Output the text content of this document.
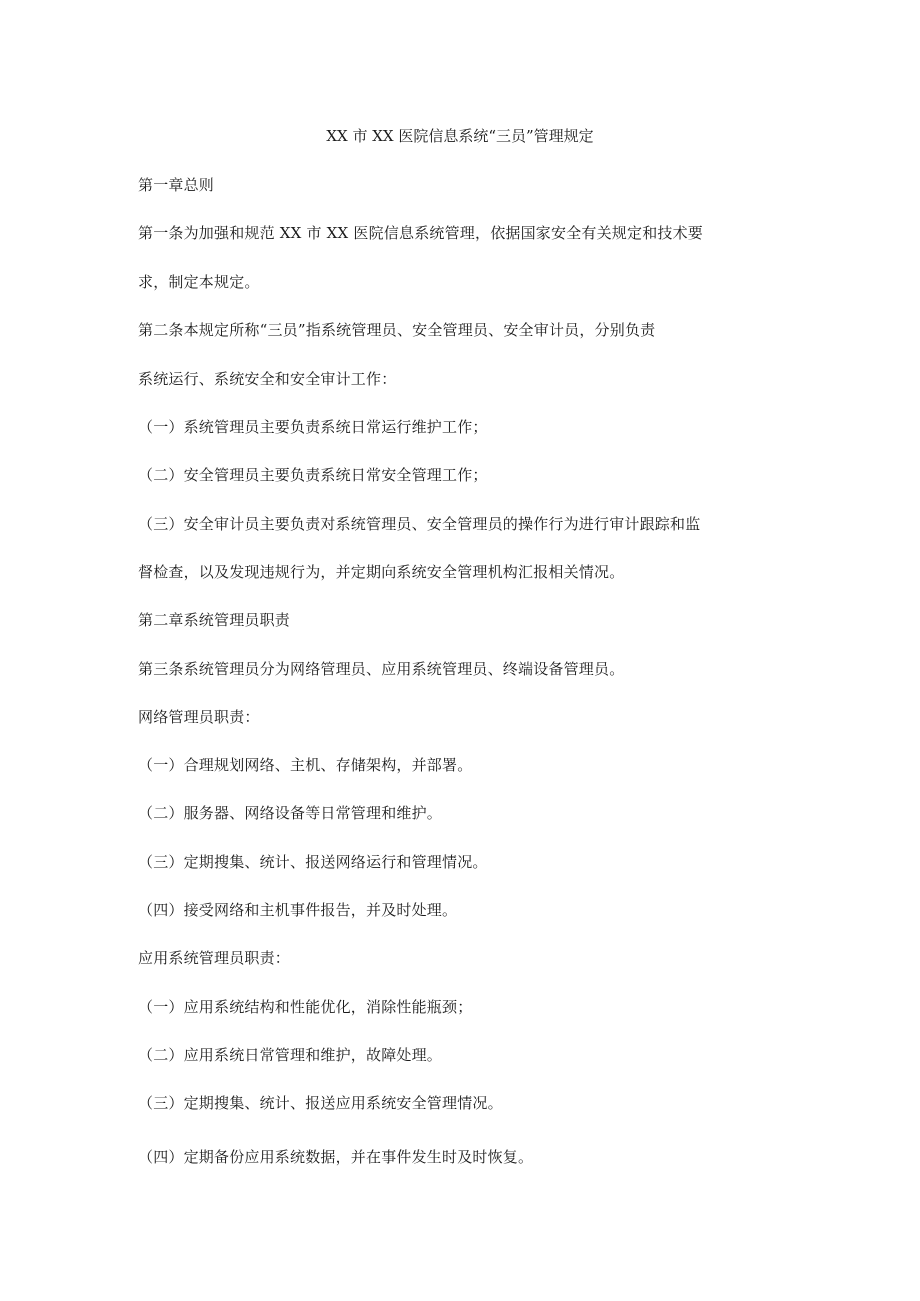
XX 市 XX 医院信息系统“三员”管理规定
第一章总则
第一条为加强和规范 XX 市 XX 医院信息系统管理，依据国家安全有关规定和技术要
求，制定本规定。
第二条本规定所称“三员”指系统管理员、安全管理员、安全审计员，分别负责
系统运行、系统安全和安全审计工作：
（一）系统管理员主要负责系统日常运行维护工作；
（二）安全管理员主要负责系统日常安全管理工作；
（三）安全审计员主要负责对系统管理员、安全管理员的操作行为进行审计跟踪和监
督检查，以及发现违规行为，并定期向系统安全管理机构汇报相关情况。
第二章系统管理员职责
第三条系统管理员分为网络管理员、应用系统管理员、终端设备管理员。
网络管理员职责：
（一）合理规划网络、主机、存储架构，并部署。
（二）服务器、网络设备等日常管理和维护。
（三）定期搜集、统计、报送网络运行和管理情况。
（四）接受网络和主机事件报告，并及时处理。
应用系统管理员职责：
（一）应用系统结构和性能优化，消除性能瓶颈；
（二）应用系统日常管理和维护，故障处理。
（三）定期搜集、统计、报送应用系统安全管理情况。
（四）定期备份应用系统数据，并在事件发生时及时恢复。
